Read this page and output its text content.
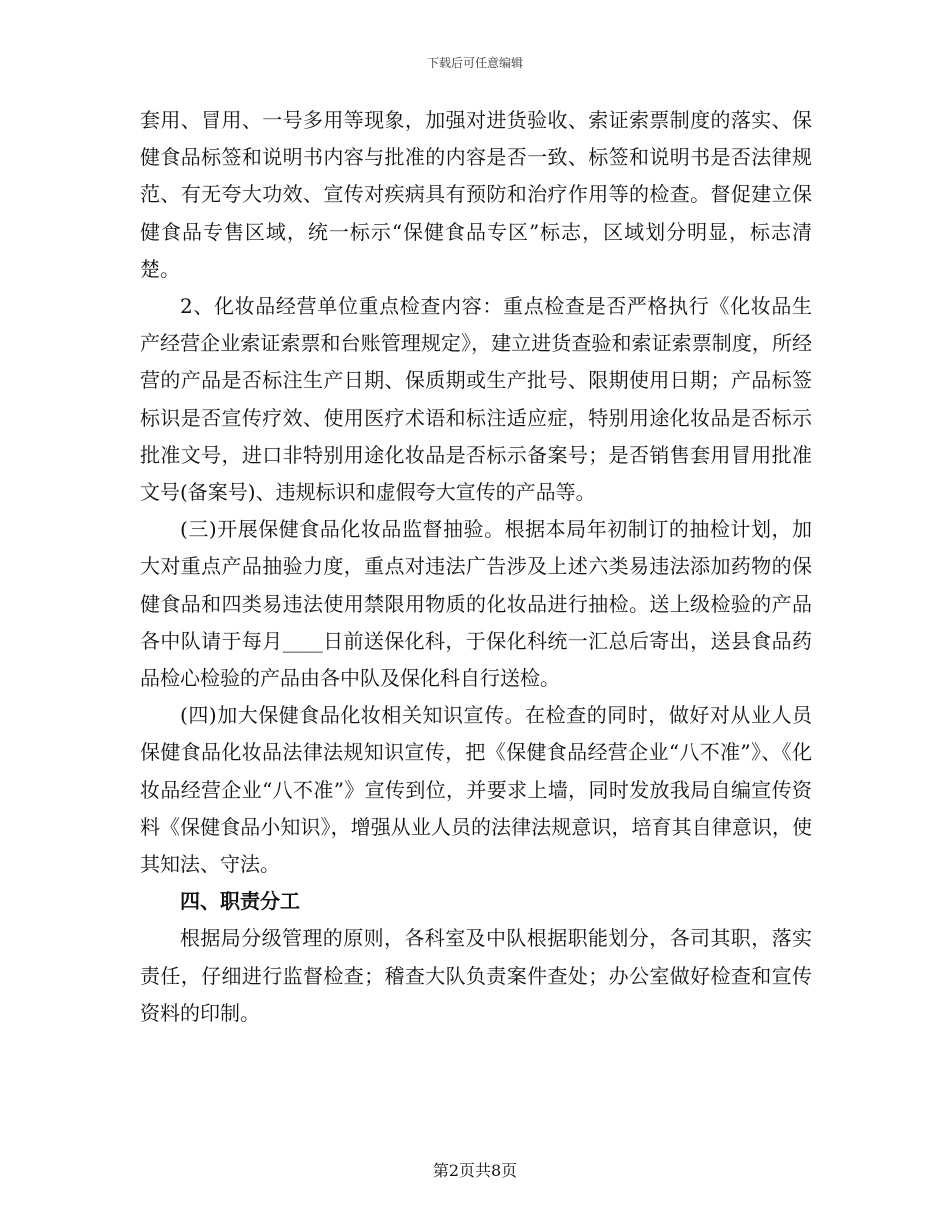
下载后可任意编辑

套用、冒用、一号多用等现象，加强对进货验收、索证索票制度的落实、保健食品标签和说明书内容与批准的内容是否一致、标签和说明书是否法律规范、有无夸大功效、宣传对疾病具有预防和治疗作用等的检查。督促建立保健食品专售区域，统一标示“保健食品专区”标志，区域划分明显，标志清楚。

2、化妆品经营单位重点检查内容：重点检查是否严格执行《化妆品生产经营企业索证索票和台账管理规定》，建立进货查验和索证索票制度，所经营的产品是否标注生产日期、保质期或生产批号、限期使用日期；产品标签标识是否宣传疗效、使用医疗术语和标注适应症，特别用途化妆品是否标示批准文号，进口非特别用途化妆品是否标示备案号；是否销售套用冒用批准文号(备案号)、违规标识和虚假夸大宣传的产品等。

(三)开展保健食品化妆品监督抽验。根据本局年初制订的抽检计划，加大对重点产品抽验力度，重点对违法广告涉及上述六类易违法添加药物的保健食品和四类易违法使用禁限用物质的化妆品进行抽检。送上级检验的产品各中队请于每月____日前送保化科，于保化科统一汇总后寄出，送县食品药品检心检验的产品由各中队及保化科自行送检。

(四)加大保健食品化妆相关知识宣传。在检查的同时，做好对从业人员保健食品化妆品法律法规知识宣传，把《保健食品经营企业“八不准”》、《化妆品经营企业“八不准”》宣传到位，并要求上墙，同时发放我局自编宣传资料《保健食品小知识》，增强从业人员的法律法规意识，培育其自律意识，使其知法、守法。

四、职责分工

根据局分级管理的原则，各科室及中队根据职能划分，各司其职，落实责任，仔细进行监督检查；稽查大队负责案件查处；办公室做好检查和宣传资料的印制。

第2页共8页
